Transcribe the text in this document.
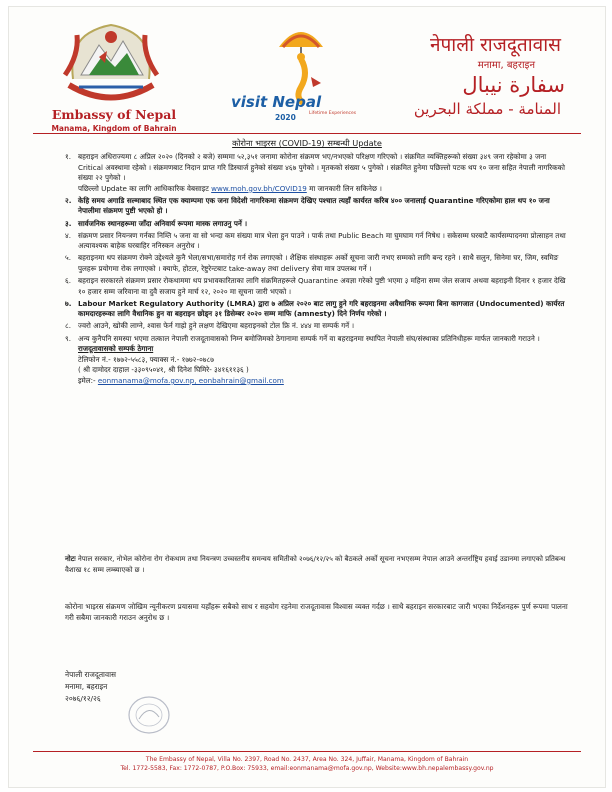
Embassy of Nepal
Manama, Kingdom of Bahrain
visit Nepal
2020	Lifetime Experiences
नेपाली राजदूतावास
मनामा, बहराइन
سفارة نيبال
المنامة - مملكة البحرين
कोरोना भाइरस (COVID-19) सम्बन्धी Update
१. बहराइन अधिराज्यमा ८ अप्रिल २०२० (दिनको २ बजे) सम्ममा ५२,३५१ जनामा कोरोना संक्रमण भए/नभएको परिक्षण गरिएको । संक्रमित व्यक्तिहरूको संख्या ३४९ जना रहेकोमा ३ जना Critical अवस्थामा रहेको । संक्रमणबाट निदान प्राप्त गरि डिस्चार्ज हुनेको संख्या ४६७ पुगेको । मृतकको संख्या ५ पुगेको । संक्रमित हुनेमा पछिल्लो पटक थप १० जना सहित नेपाली नागरिकको संख्या २२ पुगेको ।

पछिल्लो Update का लागि आधिकारिक वेबसाइट www.moh.gov.bh/COVID19 मा जानकारी लिन सकिनेछ ।

२. केहि समय अगाडि सल्माबाद स्थित एक क्याम्पमा एक जना विदेशी नागरिकमा संक्रमण देखिए पश्चात त्यहाँ कार्यरत करिब ४०० जनालाई Quarantine गरिएकोमा हाल थप १० जना नेपालीमा संक्रमण पुष्टी भएको हो ।

३. सार्वजनिक स्थानहरूमा जाँदा अनिवार्य रूपमा मास्क लगाउनु पर्ने ।

४. संक्रमण प्रसार नियन्त्रण गर्नका निम्ति ५ जना वा सो भन्दा कम संख्या मात्र भेला हुन पाउने । पार्क तथा Public Beach मा घुमघाम गर्न निषेध । सकेसम्म घरबाटै कार्यसम्पादनमा प्रोत्साहन तथा अत्यावश्यक बाहेक घरबाहिर ननिस्कन अनुरोध ।

५. बहराइनमा थप संक्रमण रोक्ने उद्देश्यले कुनै भेला/सभा/समारोह गर्न रोक लगाएको । शैक्षिक संस्थाहरू अर्को सूचना जारी नभए सम्मको लागि बन्द रहने । साथै सलुन, सिनेमा घर, जिम, स्वमिङ पुलहरू प्रयोगमा रोक लगाएको । क्याफे, होटल, रेष्टुरेन्टबाट take-away तथा delivery सेवा मात्र उपलब्ध गर्ने ।

६. बहराइन सरकारले संक्रमण प्रसार रोकथाममा थप प्रभावकारिताका लागि संक्रमितहरूले Quarantine अवज्ञा गरेको पुष्टी भएमा ३ महिना सम्म जेल सजाय अथवा बहराइनी दिनार १ हजार देखि १० हजार सम्म जरिवाना वा दुवै सजाय हुने मार्च १२, २०२० मा सूचना जारी भएको ।

७. Labour Market Regulatory Authority (LMRA) द्वारा ७ अप्रिल २०२० बाट लागु हुने गरि बहराइनमा अवैधानिक रूपमा बिना कागजात (Undocumented) कार्यरत कामदारहरूका लागि वैधानिक हुन वा बहराइन छोड्न ३१ डिसेम्बर २०२० सम्म माफि (amnesty) दिने निर्णय गरेको ।

८. ज्वरो आउने, खोकी लाग्ने, श्वास फेर्न गाह्रो हुने लक्षण देखिएमा बहराइनको टोल फ्रि नं. ४४४ मा सम्पर्क गर्ने ।

९. अन्य कुनैपनि समस्या भएमा तत्काल नेपाली राजदूतावासको निम्न बमोजिमको ठेगानामा सम्पर्क गर्ने वा बहराइनमा स्थापित नेपाली संघ/संस्थाका प्रतिनिधीहरू मार्फत जानकारी गराउने ।

राजदूतावासको सम्पर्क ठेगाना

टेलिफोन नं.- १७७२-५५८३, फ्याक्स नं.- १७७२-०७८७

( श्री दामोदर दाहाल -३३०९५०४१, श्री दिनेश घिमिरे- ३४१६११३६ )

इमेल:- eonmanama@mofa.gov.np, eonbahrain@gmail.com

नोटः नेपाल सरकार, नोभेल कोरोना रोग रोकथाम तथा नियन्त्रण उच्चस्तरीय समन्वय समितीको २०७६/१२/२५ को बैठकले अर्को सूचना नभएसम्म नेपाल आउने अन्तर्राष्ट्रिय हवाई उडानमा लगाएको प्रतिबन्ध वैशाख १८ सम्म लम्ब्याएको छ ।
कोरोना भाइरस संक्रमण जोखिम न्यूनीकरण प्रयासमा यहाँहरू सबैको साथ र सहयोग रहनेमा राजदूतावास विश्वास व्यक्त गर्दछ । साथै बहराइन सरकारबाट जारी भएका निर्देशनहरू पुर्ण रूपमा पालना गरी सबैमा जानकारी गराउन अनुरोध छ ।
नेपाली राजदूतावास
मनामा, बहराइन
२०७६/१२/२६
The Embassy of Nepal, Villa No. 2397, Road No. 2437, Area No. 324, Juffair, Manama, Kingdom of Bahrain
Tel. 1772-5583, Fax: 1772-0787, P.O.Box: 75933, email:eonmanama@mofa.gov.np, Website:www.bh.nepalembassy.gov.np
